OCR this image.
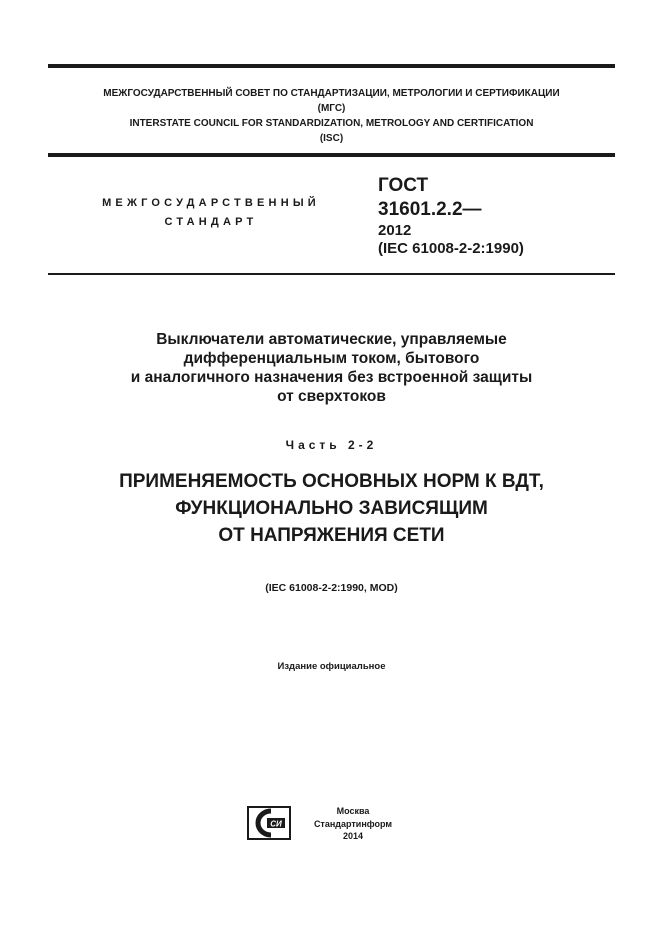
МЕЖГОСУДАРСТВЕННЫЙ СОВЕТ ПО СТАНДАРТИЗАЦИИ, МЕТРОЛОГИИ И СЕРТИФИКАЦИИ
(МГС)
INTERSTATE COUNCIL FOR STANDARDIZATION, METROLOGY AND CERTIFICATION
(ISC)
МЕЖГОСУДАРСТВЕННЫЙ
СТАНДАРТ
ГОСТ
31601.2.2—
2012
(IEC 61008-2-2:1990)
Выключатели автоматические, управляемые
дифференциальным током, бытового
и аналогичного назначения без встроенной защиты
от сверхтоков
Часть 2-2
ПРИМЕНЯЕМОСТЬ ОСНОВНЫХ НОРМ К ВДТ,
ФУНКЦИОНАЛЬНО ЗАВИСЯЩИМ
ОТ НАПРЯЖЕНИЯ СЕТИ
(IEC 61008-2-2:1990, MOD)
Издание официальное
СИ
Москва
Стандартинформ
2014
